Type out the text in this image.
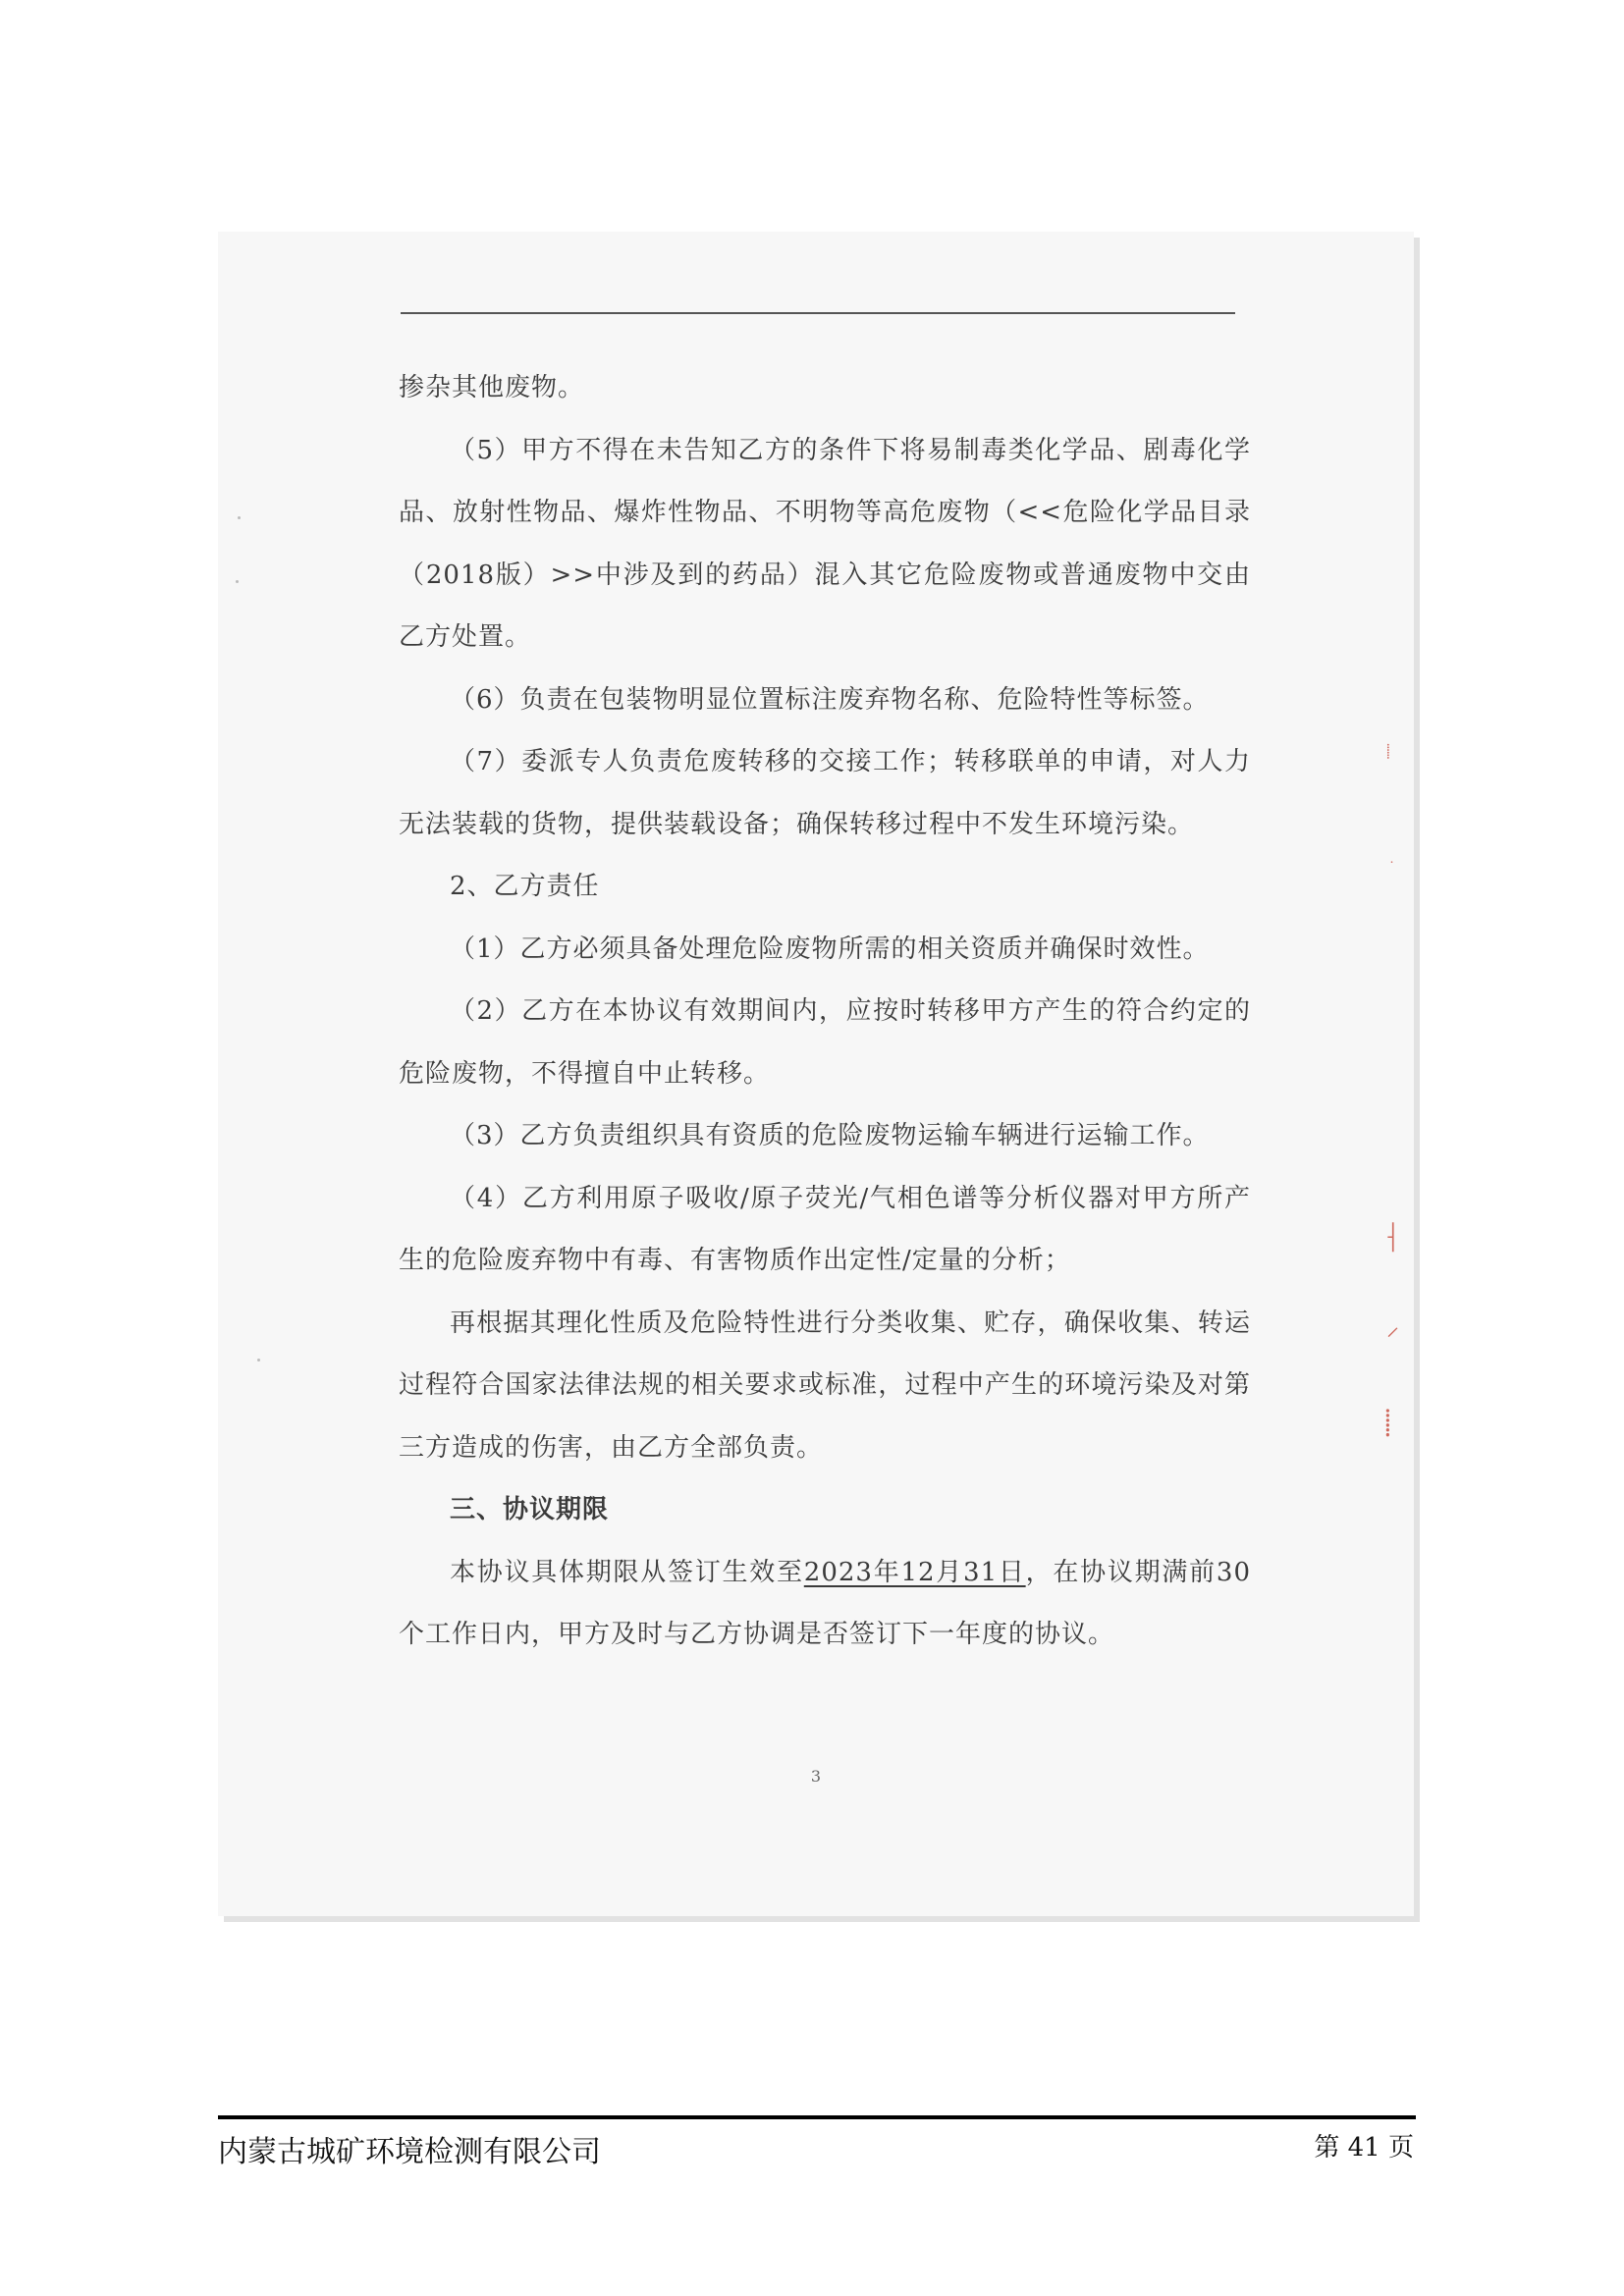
掺杂其他废物。

（5）甲方不得在未告知乙方的条件下将易制毒类化学品、剧毒化学品、放射性物品、爆炸性物品、不明物等高危废物（<<危险化学品目录（2018版）>>中涉及到的药品）混入其它危险废物或普通废物中交由乙方处置。

（6）负责在包装物明显位置标注废弃物名称、危险特性等标签。

（7）委派专人负责危废转移的交接工作；转移联单的申请，对人力无法装载的货物，提供装载设备；确保转移过程中不发生环境污染。

2、乙方责任

（1）乙方必须具备处理危险废物所需的相关资质并确保时效性。

（2）乙方在本协议有效期间内，应按时转移甲方产生的符合约定的危险废物，不得擅自中止转移。

（3）乙方负责组织具有资质的危险废物运输车辆进行运输工作。

（4）乙方利用原子吸收/原子荧光/气相色谱等分析仪器对甲方所产生的危险废弃物中有毒、有害物质作出定性/定量的分析；

再根据其理化性质及危险特性进行分类收集、贮存，确保收集、转运过程符合国家法律法规的相关要求或标准，过程中产生的环境污染及对第三方造成的伤害，由乙方全部负责。

三、协议期限

本协议具体期限从签订生效至2023年12月31日，在协议期满前30个工作日内，甲方及时与乙方协调是否签订下一年度的协议。

3
⸽
˙
⸡
⸝
⸽
内蒙古城矿环境检测有限公司	第 41 页
